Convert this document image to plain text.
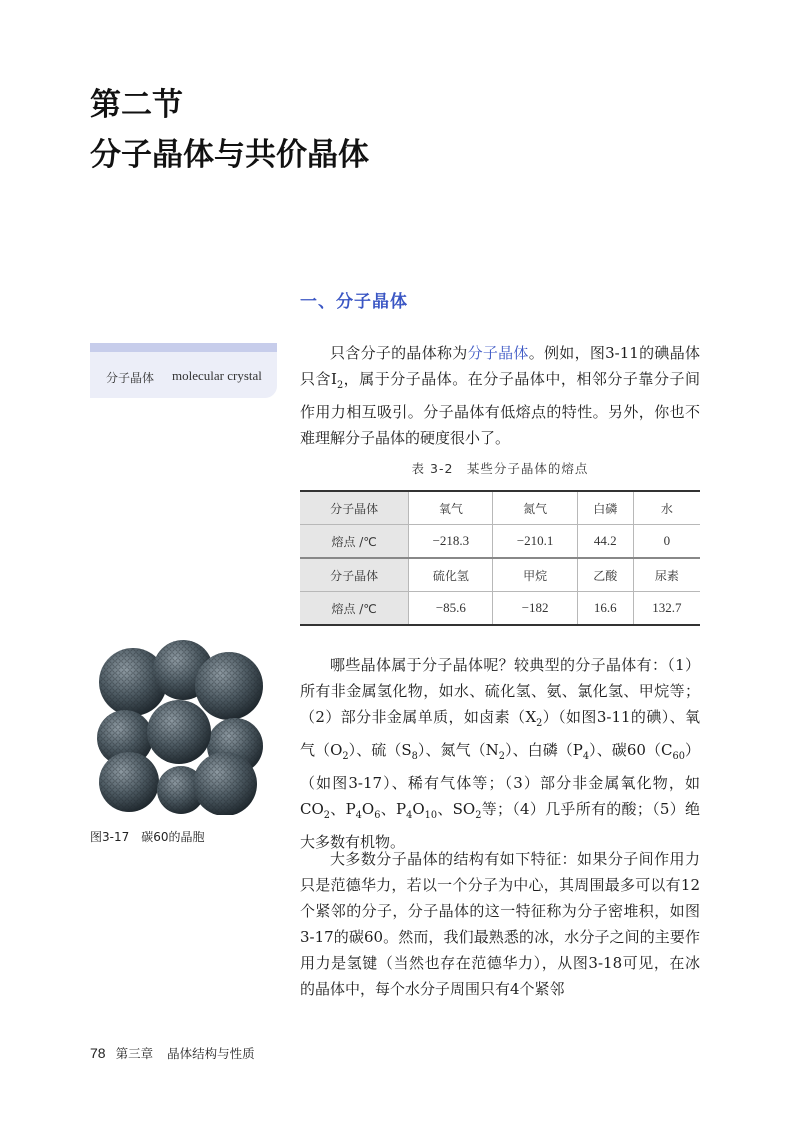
第二节
分子晶体与共价晶体
一、分子晶体
分子晶体 molecular crystal

只含分子的晶体称为分子晶体。例如，图3-11的碘晶体只含$I_2$，属于分子晶体。在分子晶体中，相邻分子靠分子间作用力相互吸引。分子晶体有低熔点的特性。另外，你也不难理解分子晶体的硬度很小了。

表 3-2　某些分子晶体的熔点
分子晶体	氧气	氮气	白磷	水
熔点 /℃	−218.3	−210.1	44.2	0
分子晶体	硫化氢	甲烷	乙酸	尿素
熔点 /℃	−85.6	−182	16.6	132.7
图3-17 碳60的晶胞

哪些晶体属于分子晶体呢？较典型的分子晶体有：（1）所有非金属氢化物，如水、硫化氢、氨、氯化氢、甲烷等；（2）部分非金属单质，如卤素$(X_2)$（如图3-11的碘）、氧气$(O_2)$、硫$(S_8)$、氮气$(N_2)$、白磷$(P_4)$、碳$60(C_{60})$（如图3-17）、稀有气体等；（3）部分非金属氧化物，如$CO_2$、$P_4O_6$、$P_4O_{10}$、$SO_2$等；（4）几乎所有的酸；（5）绝大多数有机物。

大多数分子晶体的结构有如下特征：如果分子间作用力只是范德华力，若以一个分子为中心，其周围最多可以有12个紧邻的分子，分子晶体的这一特征称为分子密堆积，如图3-17的碳60。然而，我们最熟悉的冰，水分子之间的主要作用力是氢键（当然也存在范德华力），从图3-18可见，在冰的晶体中，每个水分子周围只有4个紧邻

78 第三章 晶体结构与性质
